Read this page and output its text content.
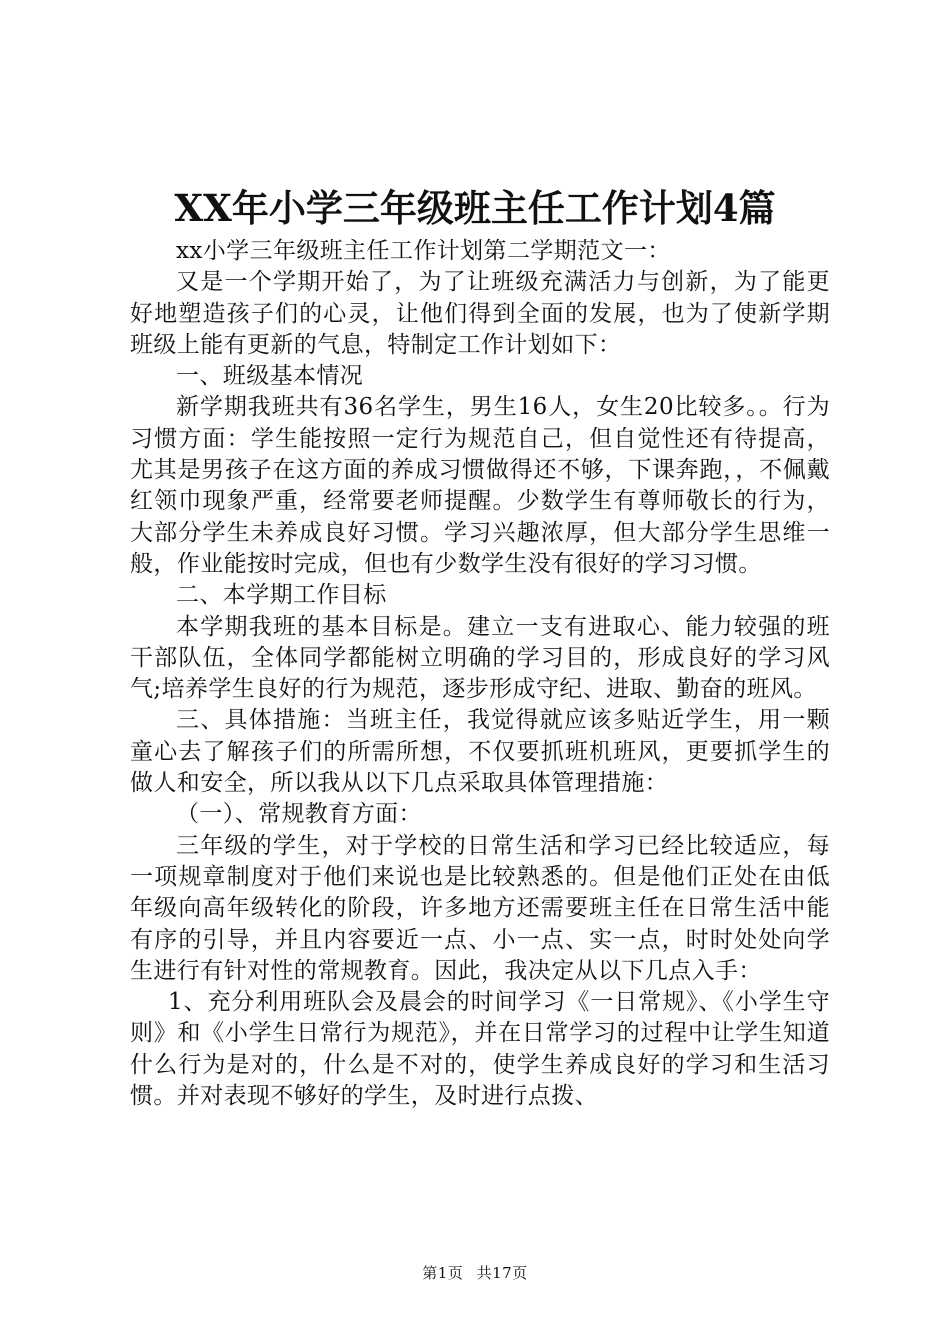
XX年小学三年级班主任工作计划4篇

xx小学三年级班主任工作计划第二学期范文一：

又是一个学期开始了，为了让班级充满活力与创新，为了能更好地塑造孩子们的心灵，让他们得到全面的发展，也为了使新学期班级上能有更新的气息，特制定工作计划如下：

一、班级基本情况

新学期我班共有36名学生，男生16人，女生20比较多。。行为习惯方面：学生能按照一定行为规范自己，但自觉性还有待提高，尤其是男孩子在这方面的养成习惯做得还不够，下课奔跑，，不佩戴红领巾现象严重，经常要老师提醒。少数学生有尊师敬长的行为，大部分学生未养成良好习惯。学习兴趣浓厚，但大部分学生思维一般，作业能按时完成，但也有少数学生没有很好的学习习惯。

二、本学期工作目标

本学期我班的基本目标是。建立一支有进取心、能力较强的班干部队伍，全体同学都能树立明确的学习目的，形成良好的学习风气;培养学生良好的行为规范，逐步形成守纪、进取、勤奋的班风。

三、具体措施：当班主任，我觉得就应该多贴近学生，用一颗童心去了解孩子们的所需所想，不仅要抓班机班风，更要抓学生的做人和安全，所以我从以下几点采取具体管理措施：

（一）、常规教育方面：

三年级的学生，对于学校的日常生活和学习已经比较适应，每一项规章制度对于他们来说也是比较熟悉的。但是他们正处在由低年级向高年级转化的阶段，许多地方还需要班主任在日常生活中能有序的引导，并且内容要近一点、小一点、实一点，时时处处向学生进行有针对性的常规教育。因此，我决定从以下几点入手：

1、充分利用班队会及晨会的时间学习《一日常规》、《小学生守则》和《小学生日常行为规范》，并在日常学习的过程中让学生知道什么行为是对的，什么是不对的，使学生养成良好的学习和生活习惯。并对表现不够好的学生，及时进行点拨、

第1页 共17页
